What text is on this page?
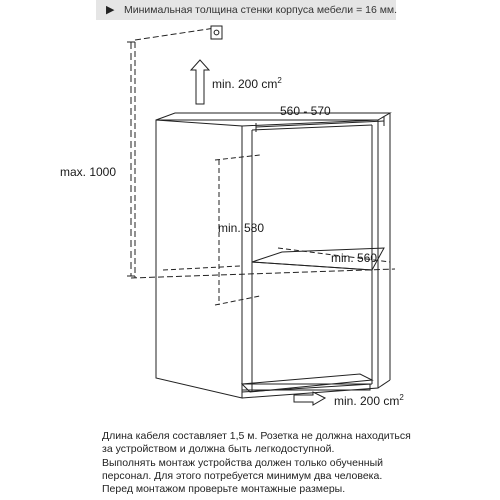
▶ Минимальная толщина стенки корпуса мебели = 16 мм.
min. 200 $cm^2$
560 - 570
max. 1000
min. 580
min. 560
min. 200 $cm^2$
Длина кабеля составляет 1,5 м. Розетка не должна находиться
за устройством и должна быть легкодоступной.
Выполнять монтаж устройства должен только обученный
персонал. Для этого потребуется минимум два человека.
Перед монтажом проверьте монтажные размеры.
